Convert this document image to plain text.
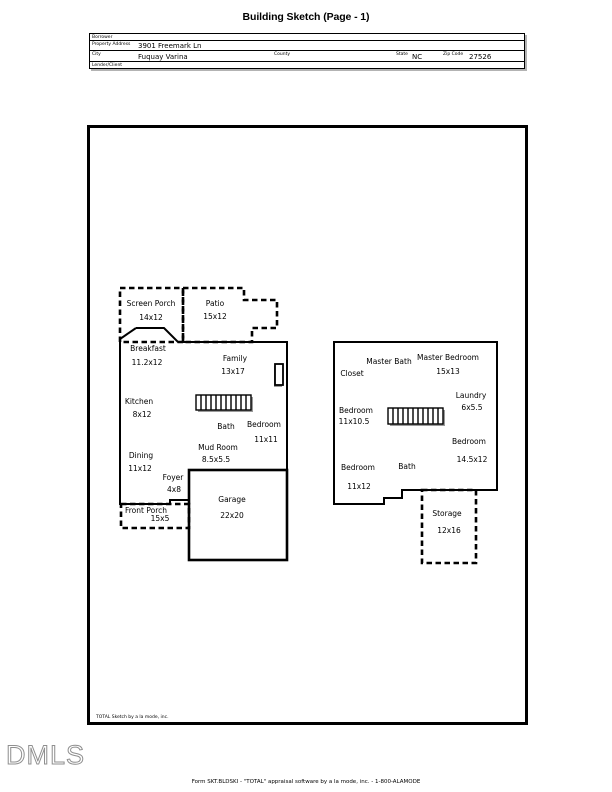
Building Sketch (Page - 1)
Borrower
Property Address 3901 Freemark Ln
City	Fuquay Varina	County	State NC	Zip Code 27526
Lender/Client
Screen Porch
14x12
Patio
15x12
Breakfast
11.2x12	Family
13x17
Kitchen
8x12
Bath Bedroom
11x11
Mud Room
8.5x5.5
Dining
11x12
Foyer
4x8
Front Porch
15x5
Garage
22x20
Master Bath Master Bedroom
15x13
Closet
Bedroom
11x10.5
Laundry
6x5.5
Bedroom
14.5x12
Bedroom
11x12
Bath
Storage
12x16
TOTAL Sketch by a la mode, inc.
DMLS
Form SKT.BLDSKI - "TOTAL" appraisal software by a la mode, inc. - 1-800-ALAMODE
